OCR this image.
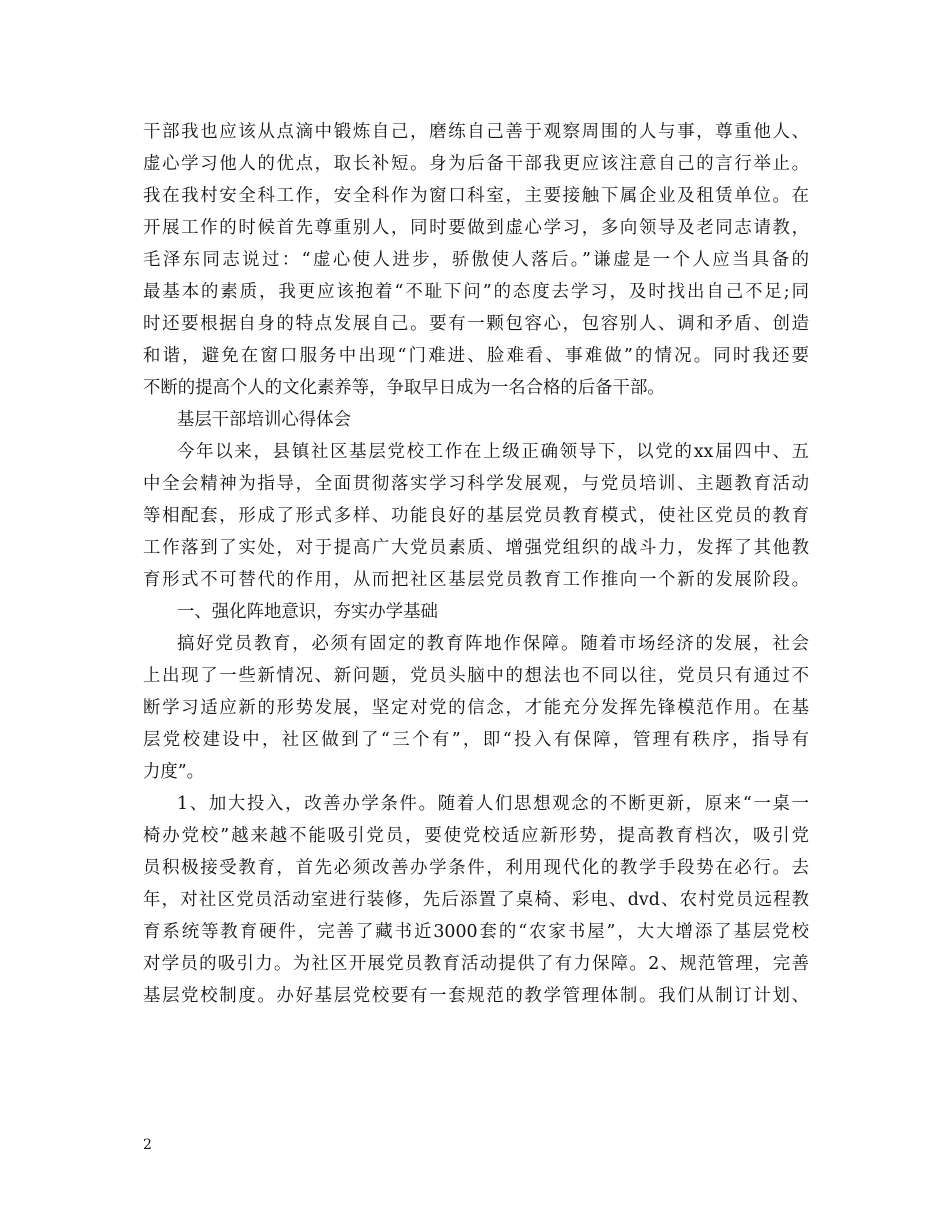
干部我也应该从点滴中锻炼自己，磨练自己善于观察周围的人与事，尊重他人、
虚心学习他人的优点，取长补短。身为后备干部我更应该注意自己的言行举止。
我在我村安全科工作，安全科作为窗口科室，主要接触下属企业及租赁单位。在
开展工作的时候首先尊重别人，同时要做到虚心学习，多向领导及老同志请教，
毛泽东同志说过：“虚心使人进步，骄傲使人落后。”谦虚是一个人应当具备的
最基本的素质，我更应该抱着“不耻下问”的态度去学习，及时找出自己不足;同
时还要根据自身的特点发展自己。要有一颗包容心，包容别人、调和矛盾、创造
和谐，避免在窗口服务中出现“门难进、脸难看、事难做”的情况。同时我还要
不断的提高个人的文化素养等，争取早日成为一名合格的后备干部。
基层干部培训心得体会
今年以来，县镇社区基层党校工作在上级正确领导下，以党的xx届四中、五
中全会精神为指导，全面贯彻落实学习科学发展观，与党员培训、主题教育活动
等相配套，形成了形式多样、功能良好的基层党员教育模式，使社区党员的教育
工作落到了实处，对于提高广大党员素质、增强党组织的战斗力，发挥了其他教
育形式不可替代的作用，从而把社区基层党员教育工作推向一个新的发展阶段。
一、强化阵地意识，夯实办学基础
搞好党员教育，必须有固定的教育阵地作保障。随着市场经济的发展，社会
上出现了一些新情况、新问题，党员头脑中的想法也不同以往，党员只有通过不
断学习适应新的形势发展，坚定对党的信念，才能充分发挥先锋模范作用。在基
层党校建设中，社区做到了“三个有”，即“投入有保障，管理有秩序，指导有
力度”。
1、加大投入，改善办学条件。随着人们思想观念的不断更新，原来“一桌一
椅办党校”越来越不能吸引党员，要使党校适应新形势，提高教育档次，吸引党
员积极接受教育，首先必须改善办学条件，利用现代化的教学手段势在必行。去
年，对社区党员活动室进行装修，先后添置了桌椅、彩电、dvd、农村党员远程教
育系统等教育硬件，完善了藏书近3000套的“农家书屋”，大大增添了基层党校
对学员的吸引力。为社区开展党员教育活动提供了有力保障。2、规范管理，完善
基层党校制度。办好基层党校要有一套规范的教学管理体制。我们从制订计划、
2
